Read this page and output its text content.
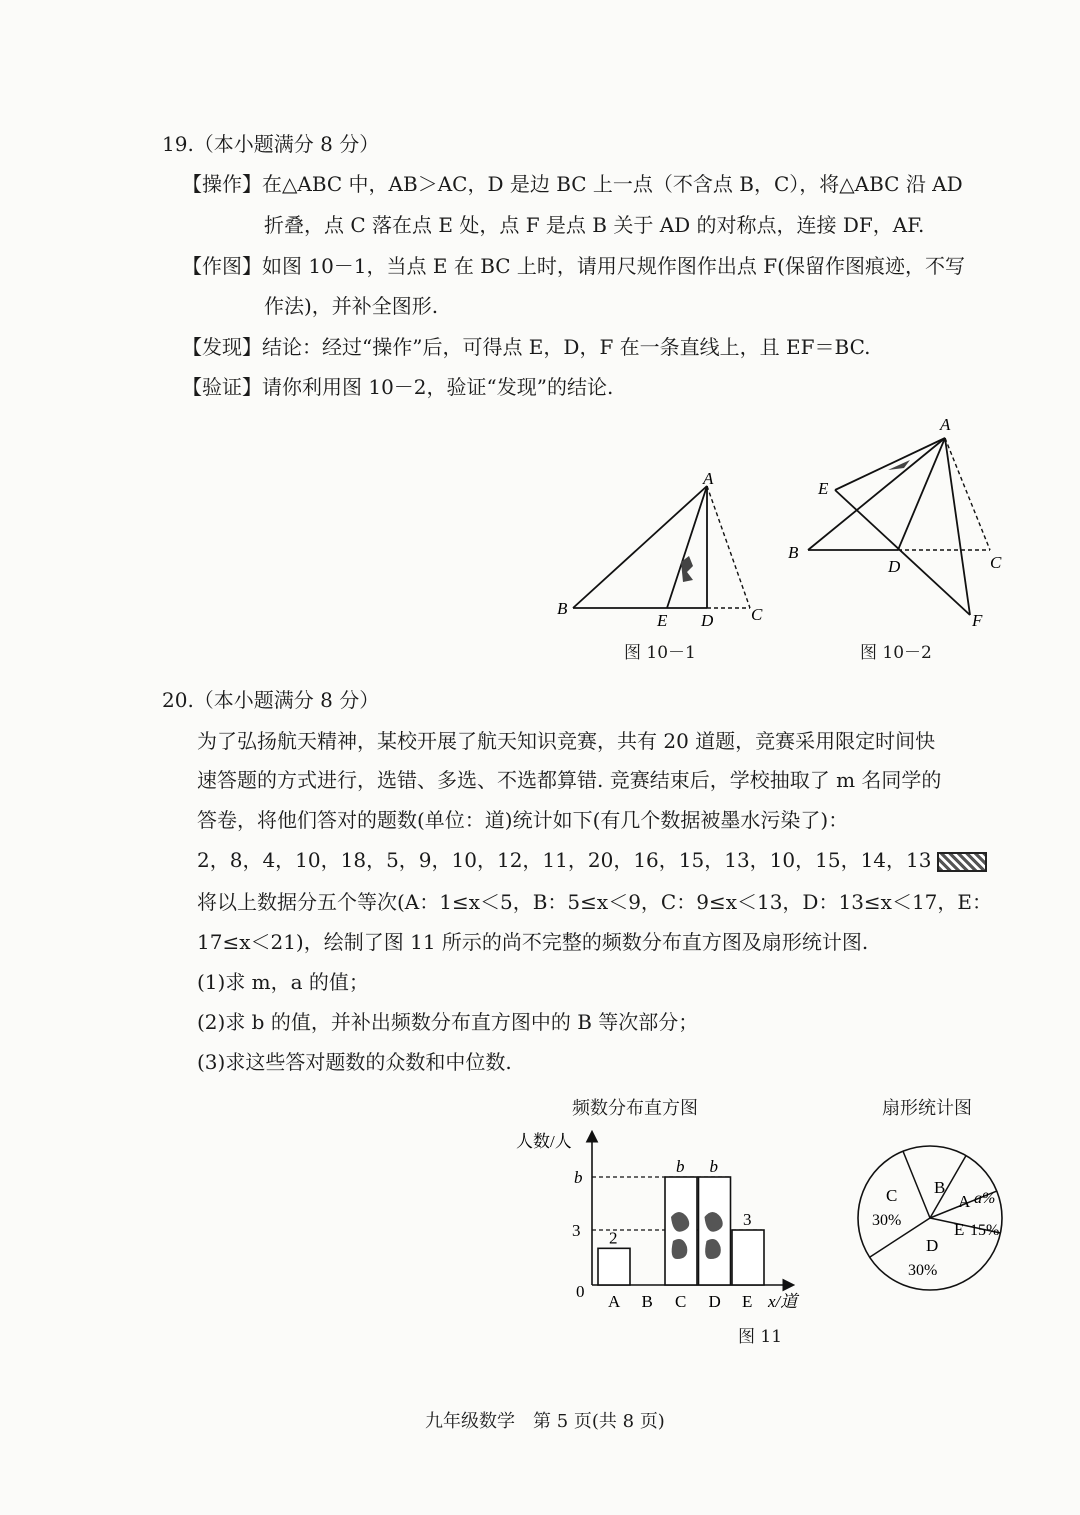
19.（本小题满分 8 分）
【操作】在△ABC 中，AB＞AC，D 是边 BC 上一点（不含点 B，C），将△ABC 沿 AD
折叠，点 C 落在点 E 处，点 F 是点 B 关于 AD 的对称点，连接 DF，AF.
【作图】如图 10－1，当点 E 在 BC 上时，请用尺规作图作出点 F(保留作图痕迹，不写
作法)，并补全图形.
【发现】结论：经过“操作”后，可得点 E，D，F 在一条直线上，且 EF＝BC.
【验证】请你利用图 10－2，验证“发现”的结论.
A
B
E D C
图 10－1
A
E
B
D	C
F
图 10－2
20.（本小题满分 8 分）
为了弘扬航天精神，某校开展了航天知识竞赛，共有 20 道题，竞赛采用限定时间快
速答题的方式进行，选错、多选、不选都算错. 竞赛结束后，学校抽取了 m 名同学的
答卷，将他们答对的题数(单位：道)统计如下(有几个数据被墨水污染了)：
2，8，4，10，18，5，9，10，12，11，20，16，15，13，10，15，14，13
将以上数据分五个等次(A：1≤x＜5，B：5≤x＜9，C：9≤x＜13，D：13≤x＜17，E：
17≤x＜21)，绘制了图 11 所示的尚不完整的频数分布直方图及扇形统计图.
(1)求 m，a 的值；
(2)求 b 的值，并补出频数分布直方图中的 B 等次部分；
(3)求这些答对题数的众数和中位数.
频数分布直方图
人数/人
0
x/道
3
b
2
A B
b
C
b
D
3
E
图 11
扇形统计图
C
30%
B
A a%
E 15%
D
30%
九年级数学　第 5 页(共 8 页)
